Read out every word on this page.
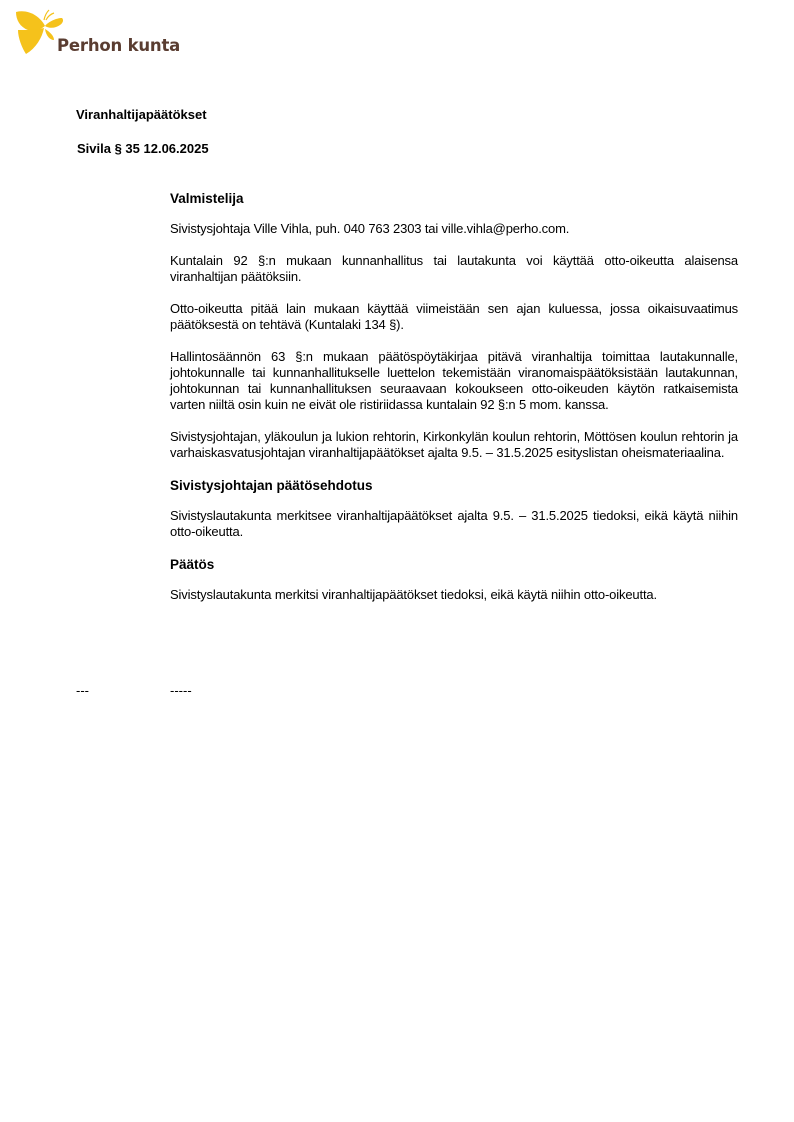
Perhon kunta
Viranhaltijapäätökset
Sivila § 35 12.06.2025
Valmistelija

Sivistysjohtaja Ville Vihla, puh. 040 763 2303 tai ville.vihla@perho.com.

Kuntalain 92 §:n mukaan kunnanhallitus tai lautakunta voi käyttää otto-oikeutta alaisensa viranhaltijan päätöksiin.

Otto-oikeutta pitää lain mukaan käyttää viimeistään sen ajan kuluessa, jossa oikaisuvaatimus päätöksestä on tehtävä (Kuntalaki 134 §).

Hallintosäännön 63 §:n mukaan päätöspöytäkirjaa pitävä viranhaltija toimittaa lautakunnalle, johtokunnalle tai kunnanhallitukselle luettelon tekemistään viranomaispäätöksistään lautakunnan, johtokunnan tai kunnanhallituksen seuraavaan kokoukseen otto-oikeuden käytön ratkaisemista varten niiltä osin kuin ne eivät ole ristiriidassa kuntalain 92 §:n 5 mom. kanssa.

Sivistysjohtajan, yläkoulun ja lukion rehtorin, Kirkonkylän koulun rehtorin, Möttösen koulun rehtorin ja varhaiskasvatusjohtajan viranhaltijapäätökset ajalta 9.5. – 31.5.2025 esityslistan oheismateriaalina.

Sivistysjohtajan päätösehdotus

Sivistyslautakunta merkitsee viranhaltijapäätökset ajalta 9.5. – 31.5.2025 tiedoksi, eikä käytä niihin otto-oikeutta.

Päätös

Sivistyslautakunta merkitsi viranhaltijapäätökset tiedoksi, eikä käytä niihin otto-oikeutta.

---	-----
